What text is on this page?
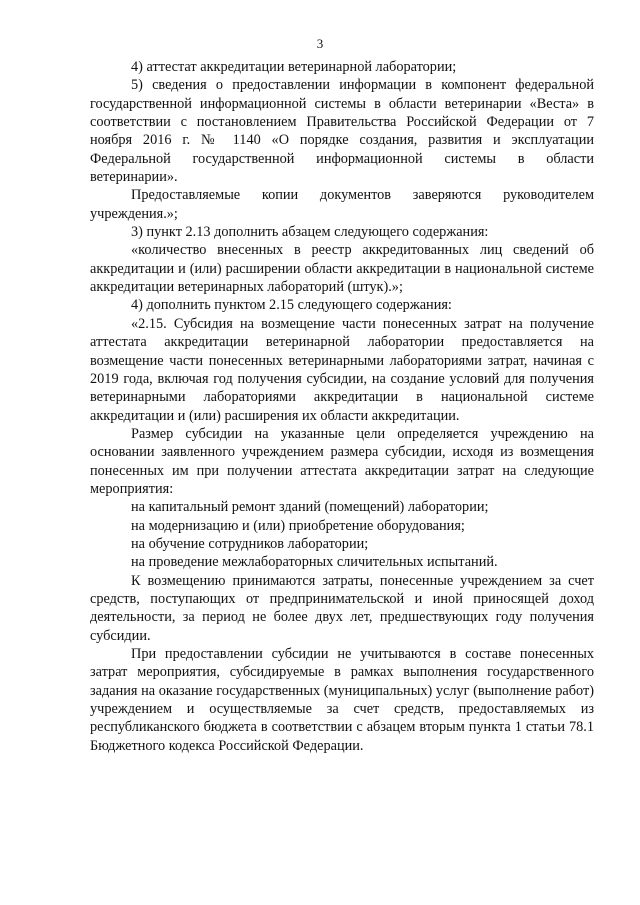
3

4) аттестат аккредитации ветеринарной лаборатории;

5) сведения о предоставлении информации в компонент федеральной государственной информационной системы в области ветеринарии «Веста» в соответствии с постановлением Правительства Российской Федерации от 7 ноября 2016 г. № 1140 «О порядке создания, развития и эксплуатации Федеральной государственной информационной системы в области ветеринарии».

Предоставляемые копии документов заверяются руководителем учреждения.»;

3) пункт 2.13 дополнить абзацем следующего содержания:

«количество внесенных в реестр аккредитованных лиц сведений об аккредитации и (или) расширении области аккредитации в национальной системе аккредитации ветеринарных лабораторий (штук).»;

4) дополнить пунктом 2.15 следующего содержания:

«2.15. Субсидия на возмещение части понесенных затрат на получение аттестата аккредитации ветеринарной лаборатории предоставляется на возмещение части понесенных ветеринарными лабораториями затрат, начиная с 2019 года, включая год получения субсидии, на создание условий для получения ветеринарными лабораториями аккредитации в национальной системе аккредитации и (или) расширения их области аккредитации.

Размер субсидии на указанные цели определяется учреждению на основании заявленного учреждением размера субсидии, исходя из возмещения понесенных им при получении аттестата аккредитации затрат на следующие мероприятия:

на капитальный ремонт зданий (помещений) лаборатории;

на модернизацию и (или) приобретение оборудования;

на обучение сотрудников лаборатории;

на проведение межлабораторных сличительных испытаний.

К возмещению принимаются затраты, понесенные учреждением за счет средств, поступающих от предпринимательской и иной приносящей доход деятельности, за период не более двух лет, предшествующих году получения субсидии.

При предоставлении субсидии не учитываются в составе понесенных затрат мероприятия, субсидируемые в рамках выполнения государственного задания на оказание государственных (муниципальных) услуг (выполнение работ) учреждением и осуществляемые за счет средств, предоставляемых из республиканского бюджета в соответствии с абзацем вторым пункта 1 статьи 78.1 Бюджетного кодекса Российской Федерации.
